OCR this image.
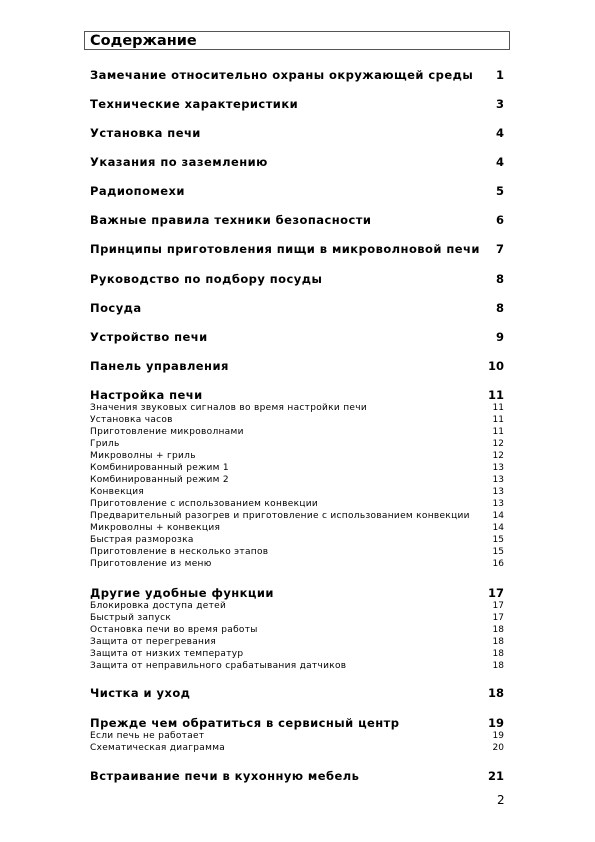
Содержание
Замечание относительно охраны окружающей среды 1
Технические характеристики	3
Установка печи	4
Указания по заземлению	4
Радиопомехи	5
Важные правила техники безопасности	6
Принципы приготовления пищи в микроволновой печи 7
Руководство по подбору посуды	8
Посуда	8
Устройство печи	9
Панель управления	10
Настройка печи	11
Значения звуковых сигналов во время настройки печи	11
Установка часов	11
Приготовление микроволнами	11
Гриль	12
Микроволны + гриль	12
Комбинированный режим 1	13
Комбинированный режим 2	13
Конвекция	13
Приготовление с использованием конвекции	13
Предварительный разогрев и приготовление с использованием конвекции	14
Микроволны + конвекция	14
Быстрая разморозка	15
Приготовление в несколько этапов	15
Приготовление из меню	16
Другие удобные функции	17
Блокировка доступа детей	17
Быстрый запуск	17
Остановка печи во время работы	18
Защита от перегревания	18
Защита от низких температур	18
Защита от неправильного срабатывания датчиков	18
Чистка и уход	18
Прежде чем обратиться в сервисный центр	19
Если печь не работает	19
Схематическая диаграмма	20
Встраивание печи в кухонную мебель	21
2
